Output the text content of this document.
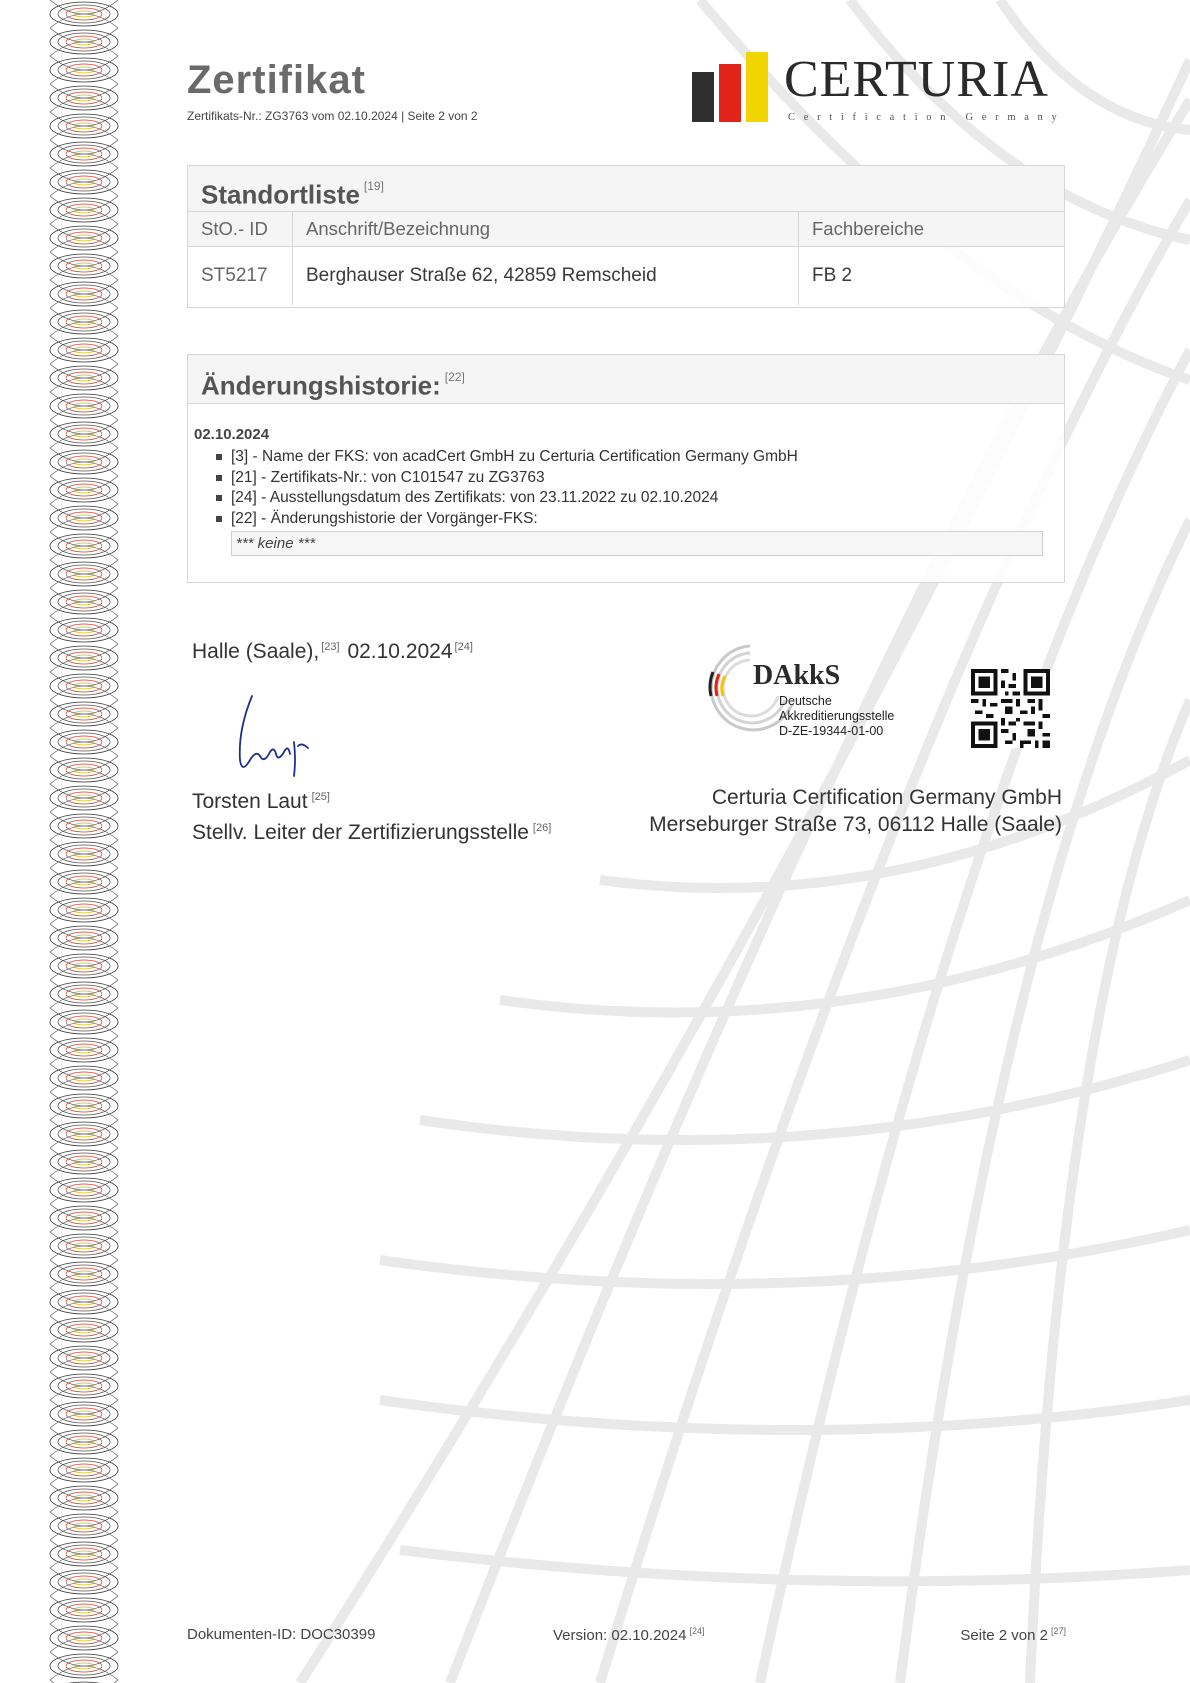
Zertifikat
Zertifikats-Nr.: ZG3763 vom 02.10.2024 | Seite 2 von 2
CERTURIA
Certification Germany
Standortliste [19]
StO.- ID	Anschrift/Bezeichnung	Fachbereiche
ST5217	Berghauser Straße 62, 42859 Remscheid	FB 2
Änderungshistorie: [22]
02.10.2024
[3] - Name der FKS: von acadCert GmbH zu Certuria Certification Germany GmbH
[21] - Zertifikats-Nr.: von C101547 zu ZG3763
[24] - Ausstellungsdatum des Zertifikats: von 23.11.2022 zu 02.10.2024
[22] - Änderungshistorie der Vorgänger-FKS:
*** keine ***
Halle (Saale), [23] 02.10.2024 [24]
Torsten Laut [25]
Stellv. Leiter der Zertifizierungsstelle [26]
DAkkS
Deutsche
Akkreditierungsstelle
D-ZE-19344-01-00
Certuria Certification Germany GmbH
Merseburger Straße 73, 06112 Halle (Saale)
Dokumenten-ID: DOC30399	Version: 02.10.2024 [24]	Seite 2 von 2 [27]
